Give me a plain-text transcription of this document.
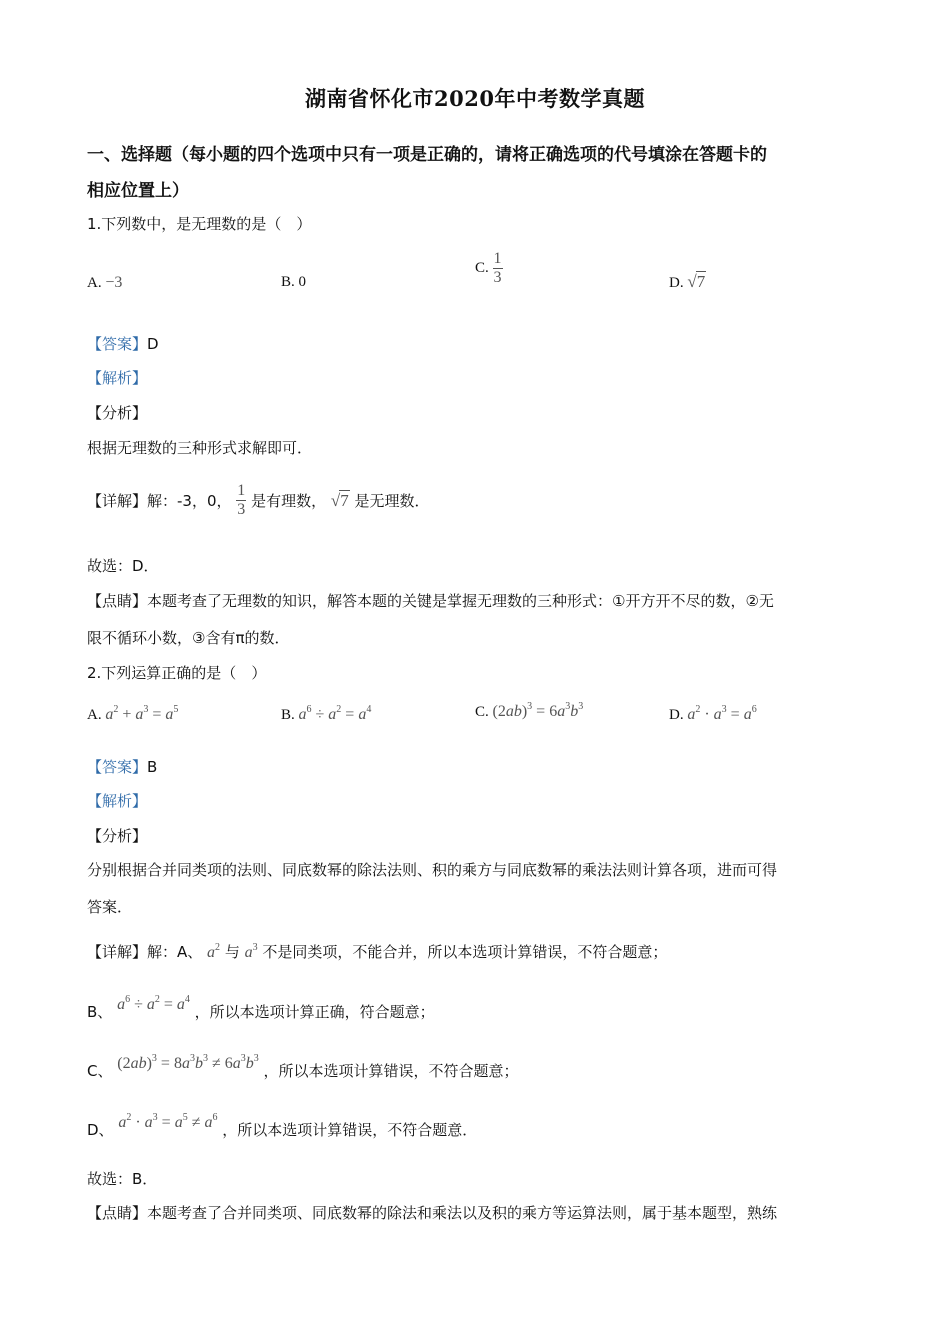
湖南省怀化市2020年中考数学真题
一、选择题（每小题的四个选项中只有一项是正确的，请将正确选项的代号填涂在答题卡的
相应位置上）
1.下列数中，是无理数的是（　）
A. −3	B. 0
C. $\frac{1}{3}$	D. √7
【答案】D
【解析】
【分析】
根据无理数的三种形式求解即可．
【详解】解：-3，0， $\frac{1}{3}$ 是有理数， √7 是无理数．
故选：D．
【点睛】本题考查了无理数的知识，解答本题的关键是掌握无理数的三种形式：①开方开不尽的数，②无
限不循环小数，③含有π的数．
2.下列运算正确的是（　）
A. $a^2 + a^3 = a^5$	B. $a^6 \div a^2 = a^4$	C. $(2ab)^3 = 6a^3b^3$
D. $a^2 \cdot a^3 = a^6$
【答案】B
【解析】
【分析】
分别根据合并同类项的法则、同底数幂的除法法则、积的乘方与同底数幂的乘法法则计算各项，进而可得
答案．
【详解】解：A、 $a^2$ 与 $a^3$ 不是同类项，不能合并，所以本选项计算错误，不符合题意；
B、 $a^6 \div a^2 = a^4$ ，所以本选项计算正确，符合题意；
C、 $(2ab)^3 = 8a^3b^3 \ne 6a^3b^3$ ，所以本选项计算错误，不符合题意；
D、 $a^2 \cdot a^3 = a^5 \ne a^6$ ，所以本选项计算错误，不符合题意．
故选：B．
【点睛】本题考查了合并同类项、同底数幂的除法和乘法以及积的乘方等运算法则，属于基本题型，熟练
